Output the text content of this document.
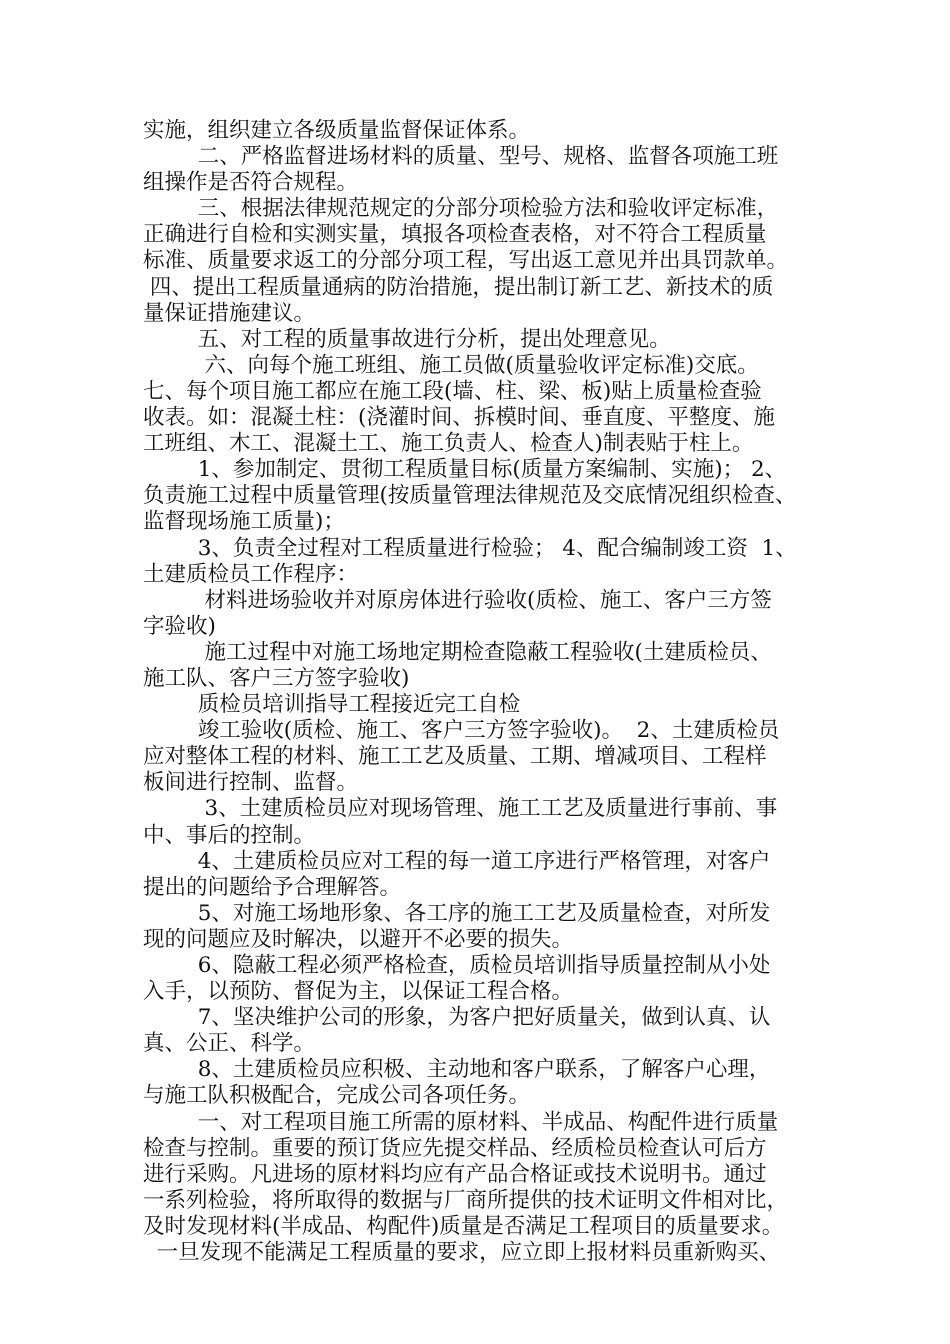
实施，组织建立各级质量监督保证体系。

二、严格监督进场材料的质量、型号、规格、监督各项施工班

组操作是否符合规程。

三、根据法律规范规定的分部分项检验方法和验收评定标准，

正确进行自检和实测实量，填报各项检查表格，对不符合工程质量

标准、质量要求返工的分部分项工程，写出返工意见并出具罚款单。

四、提出工程质量通病的防治措施，提出制订新工艺、新技术的质

量保证措施建议。

五、对工程的质量事故进行分析，提出处理意见。

六、向每个施工班组、施工员做(质量验收评定标准)交底。

七、每个项目施工都应在施工段(墙、柱、梁、板)贴上质量检查验

收表。如：混凝土柱：(浇灌时间、拆模时间、垂直度、平整度、施

工班组、木工、混凝土工、施工负责人、检查人)制表贴于柱上。

1、参加制定、贯彻工程质量目标(质量方案编制、实施)； 2、

负责施工过程中质量管理(按质量管理法律规范及交底情况组织检查、

监督现场施工质量)；

3、负责全过程对工程质量进行检验； 4、配合编制竣工资  1、

土建质检员工作程序：

材料进场验收并对原房体进行验收(质检、施工、客户三方签

字验收)

施工过程中对施工场地定期检查隐蔽工程验收(土建质检员、

施工队、客户三方签字验收)

质检员培训指导工程接近完工自检

竣工验收(质检、施工、客户三方签字验收)。  2、土建质检员

应对整体工程的材料、施工工艺及质量、工期、增减项目、工程样

板间进行控制、监督。

3、土建质检员应对现场管理、施工工艺及质量进行事前、事

中、事后的控制。

4、土建质检员应对工程的每一道工序进行严格管理，对客户

提出的问题给予合理解答。

5、对施工场地形象、各工序的施工工艺及质量检查，对所发

现的问题应及时解决，以避开不必要的损失。

6、隐蔽工程必须严格检查，质检员培训指导质量控制从小处

入手，以预防、督促为主，以保证工程合格。

7、坚决维护公司的形象，为客户把好质量关，做到认真、认

真、公正、科学。

8、土建质检员应积极、主动地和客户联系，了解客户心理，

与施工队积极配合，完成公司各项任务。

一、对工程项目施工所需的原材料、半成品、构配件进行质量

检查与控制。重要的预订货应先提交样品、经质检员检查认可后方

进行采购。凡进场的原材料均应有产品合格证或技术说明书。通过

一系列检验，将所取得的数据与厂商所提供的技术证明文件相对比，

及时发现材料(半成品、构配件)质量是否满足工程项目的质量要求。

一旦发现不能满足工程质量的要求，应立即上报材料员重新购买、
